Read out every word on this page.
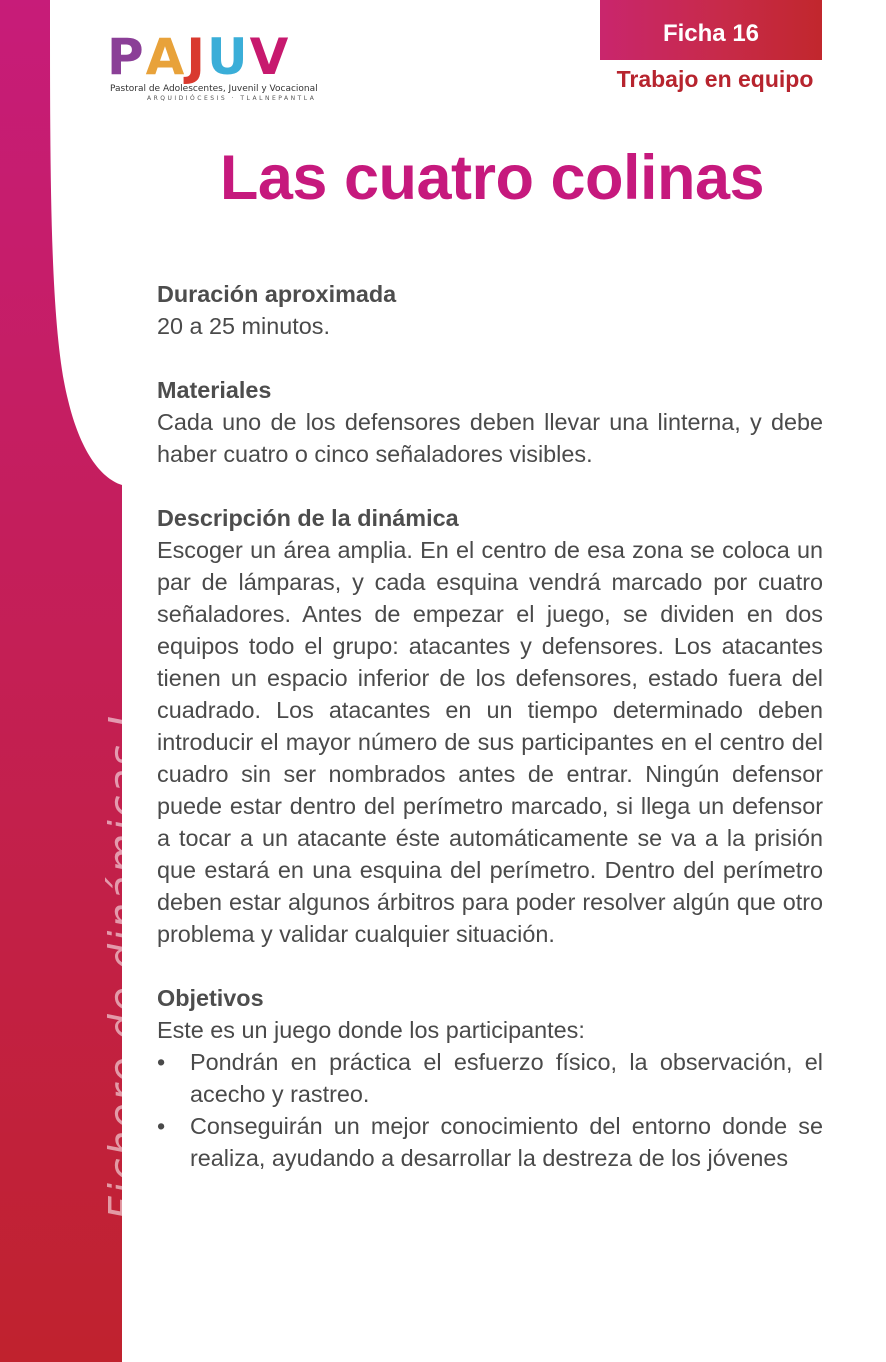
Fichero de dinámicas I
P A J U V
Pastoral de Adolescentes, Juvenil y Vocacional
ARQUIDIÓCESIS · TLALNEPANTLA
Ficha 16
Trabajo en equipo
Las cuatro colinas
Duración aproximada

20 a 25 minutos.

Materiales

Cada uno de los defensores deben llevar una linterna, y debe haber cuatro o cinco señaladores visibles.

Descripción de la dinámica

Escoger un área amplia. En el centro de esa zona se coloca un par de lámparas, y cada esquina vendrá marcado por cuatro señaladores. Antes de empezar el juego, se dividen en dos equipos todo el grupo: atacantes y defensores. Los atacantes tienen un espacio inferior de los defensores, estado fuera del cuadrado. Los atacantes en un tiempo determinado deben introducir el mayor número de sus participantes en el centro del cuadro sin ser nombrados antes de entrar. Ningún defensor puede estar dentro del perímetro marcado, si llega un defensor a tocar a un atacante éste automáticamente se va a la prisión que estará en una esquina del perímetro. Dentro del perímetro deben estar algunos árbitros para poder resolver algún que otro problema y validar cualquier situación.

Objetivos

Este es un juego donde los participantes:

• Pondrán en práctica el esfuerzo físico, la observación, el acecho y rastreo.
• Conseguirán un mejor conocimiento del entorno donde se realiza, ayudando a desarrollar la destreza de los jóvenes
